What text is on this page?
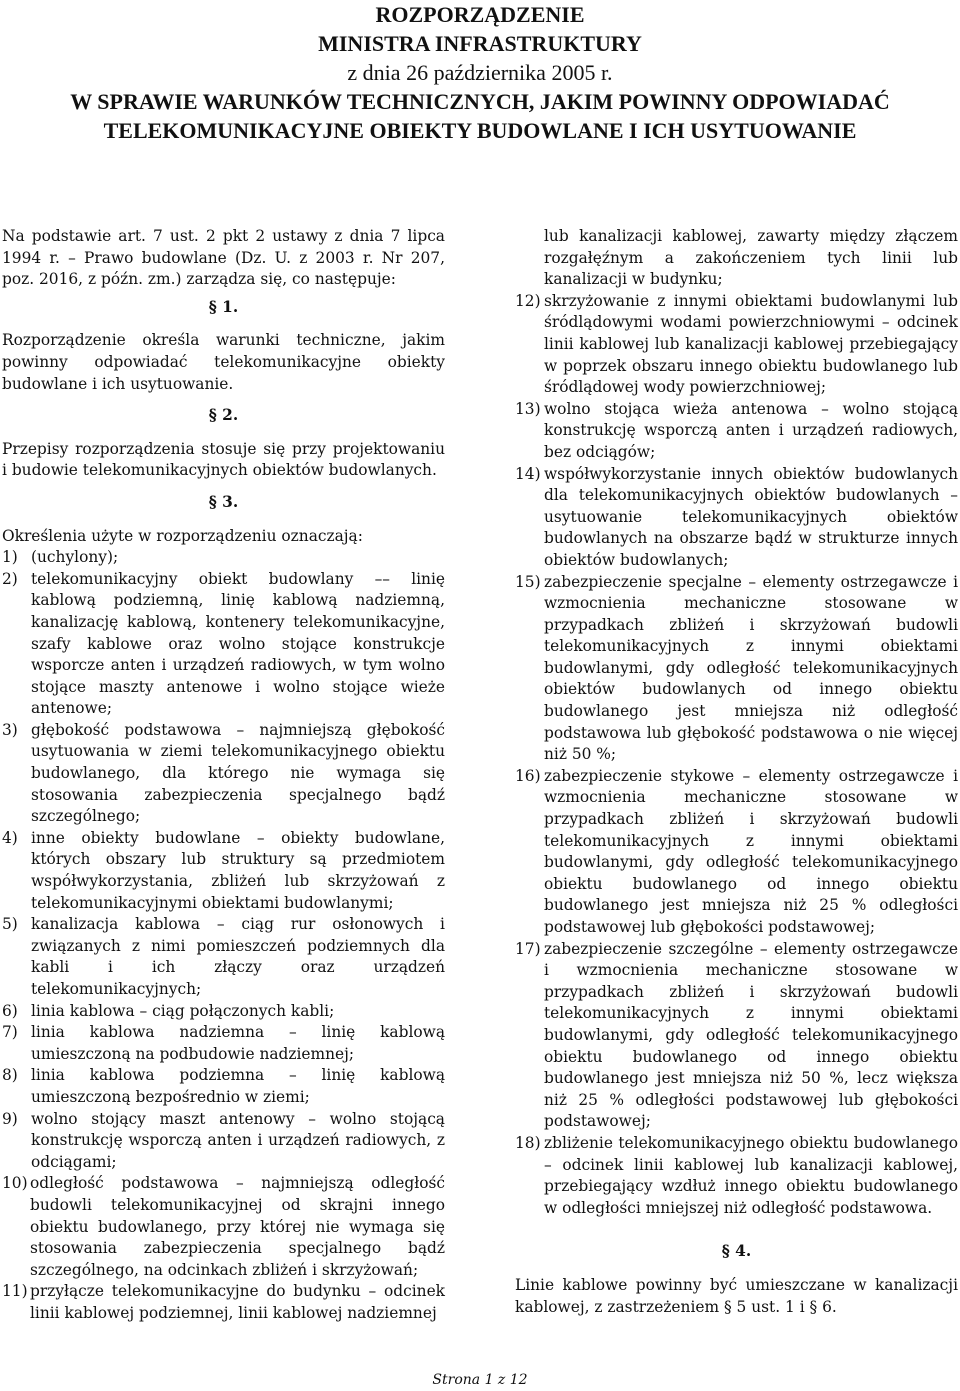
ROZPORZĄDZENIE
MINISTRA INFRASTRUKTURY
z dnia 26 października 2005 r.
W SPRAWIE WARUNKÓW TECHNICZNYCH, JAKIM POWINNY ODPOWIADAĆ
TELEKOMUNIKACYJNE OBIEKTY BUDOWLANE I ICH USYTUOWANIE

Na podstawie art. 7 ust. 2 pkt 2 ustawy z dnia 7 lipca 1994 r. – Prawo budowlane (Dz. U. z 2003 r. Nr 207, poz. 2016, z późn. zm.) zarządza się, co następuje:

§ 1.

Rozporządzenie określa warunki techniczne, jakim powinny odpowiadać telekomunikacyjne obiekty budowlane i ich usytuowanie.

§ 2.

Przepisy rozporządzenia stosuje się przy projektowaniu i budowie telekomunikacyjnych obiektów budowlanych.

§ 3.

Określenia użyte w rozporządzeniu oznaczają:

1) (uchylony);

2) telekomunikacyjny obiekt budowlany –– linię kablową podziemną, linię kablową nadziemną, kanalizację kablową, kontenery telekomunikacyjne, szafy kablowe oraz wolno stojące konstrukcje wsporcze anten i urządzeń radiowych, w tym wolno stojące maszty antenowe i wolno stojące wieże antenowe;

3) głębokość podstawowa – najmniejszą głębokość usytuowania w ziemi telekomunikacyjnego obiektu budowlanego, dla którego nie wymaga się stosowania zabezpieczenia specjalnego bądź szczególnego;

4) inne obiekty budowlane – obiekty budowlane, których obszary lub struktury są przedmiotem współwykorzystania, zbliżeń lub skrzyżowań z telekomunikacyjnymi obiektami budowlanymi;

5) kanalizacja kablowa – ciąg rur osłonowych i związanych z nimi pomieszczeń podziemnych dla kabli i ich złączy oraz urządzeń telekomunikacyjnych;

6) linia kablowa – ciąg połączonych kabli;

7) linia kablowa nadziemna – linię kablową umieszczoną na podbudowie nadziemnej;

8) linia kablowa podziemna – linię kablową umieszczoną bezpośrednio w ziemi;

9) wolno stojący maszt antenowy – wolno stojącą konstrukcję wsporczą anten i urządzeń radiowych, z odciągami;

10) odległość podstawowa – najmniejszą odległość budowli telekomunikacyjnej od skrajni innego obiektu budowlanego, przy której nie wymaga się stosowania zabezpieczenia specjalnego bądź szczególnego, na odcinkach zbliżeń i skrzyżowań;

11) przyłącze telekomunikacyjne do budynku – odcinek linii kablowej podziemnej, linii kablowej nadziemnej

lub kanalizacji kablowej, zawarty między złączem rozgałęźnym a zakończeniem tych linii lub kanalizacji w budynku;

12) skrzyżowanie z innymi obiektami budowlanymi lub śródlądowymi wodami powierzchniowymi – odcinek linii kablowej lub kanalizacji kablowej przebiegający w poprzek obszaru innego obiektu budowlanego lub śródlądowej wody powierzchniowej;

13) wolno stojąca wieża antenowa – wolno stojącą konstrukcję wsporczą anten i urządzeń radiowych, bez odciągów;

14) współwykorzystanie innych obiektów budowlanych dla telekomunikacyjnych obiektów budowlanych – usytuowanie telekomunikacyjnych obiektów budowlanych na obszarze bądź w strukturze innych obiektów budowlanych;

15) zabezpieczenie specjalne – elementy ostrzegawcze i wzmocnienia mechaniczne stosowane w przypadkach zbliżeń i skrzyżowań budowli telekomunikacyjnych z innymi obiektami budowlanymi, gdy odległość telekomunikacyjnych obiektów budowlanych od innego obiektu budowlanego jest mniejsza niż odległość podstawowa lub głębokość podstawowa o nie więcej niż 50 %;

16) zabezpieczenie stykowe – elementy ostrzegawcze i wzmocnienia mechaniczne stosowane w przypadkach zbliżeń i skrzyżowań budowli telekomunikacyjnych z innymi obiektami budowlanymi, gdy odległość telekomunikacyjnego obiektu budowlanego od innego obiektu budowlanego jest mniejsza niż 25 % odległości podstawowej lub głębokości podstawowej;

17) zabezpieczenie szczególne – elementy ostrzegawcze i wzmocnienia mechaniczne stosowane w przypadkach zbliżeń i skrzyżowań budowli telekomunikacyjnych z innymi obiektami budowlanymi, gdy odległość telekomunikacyjnego obiektu budowlanego od innego obiektu budowlanego jest mniejsza niż 50 %, lecz większa niż 25 % odległości podstawowej lub głębokości podstawowej;

18) zbliżenie telekomunikacyjnego obiektu budowlanego – odcinek linii kablowej lub kanalizacji kablowej, przebiegający wzdłuż innego obiektu budowlanego w odległości mniejszej niż odległość podstawowa.

§ 4.

Linie kablowe powinny być umieszczane w kanalizacji kablowej, z zastrzeżeniem § 5 ust. 1 i § 6.

Strona 1 z 12
